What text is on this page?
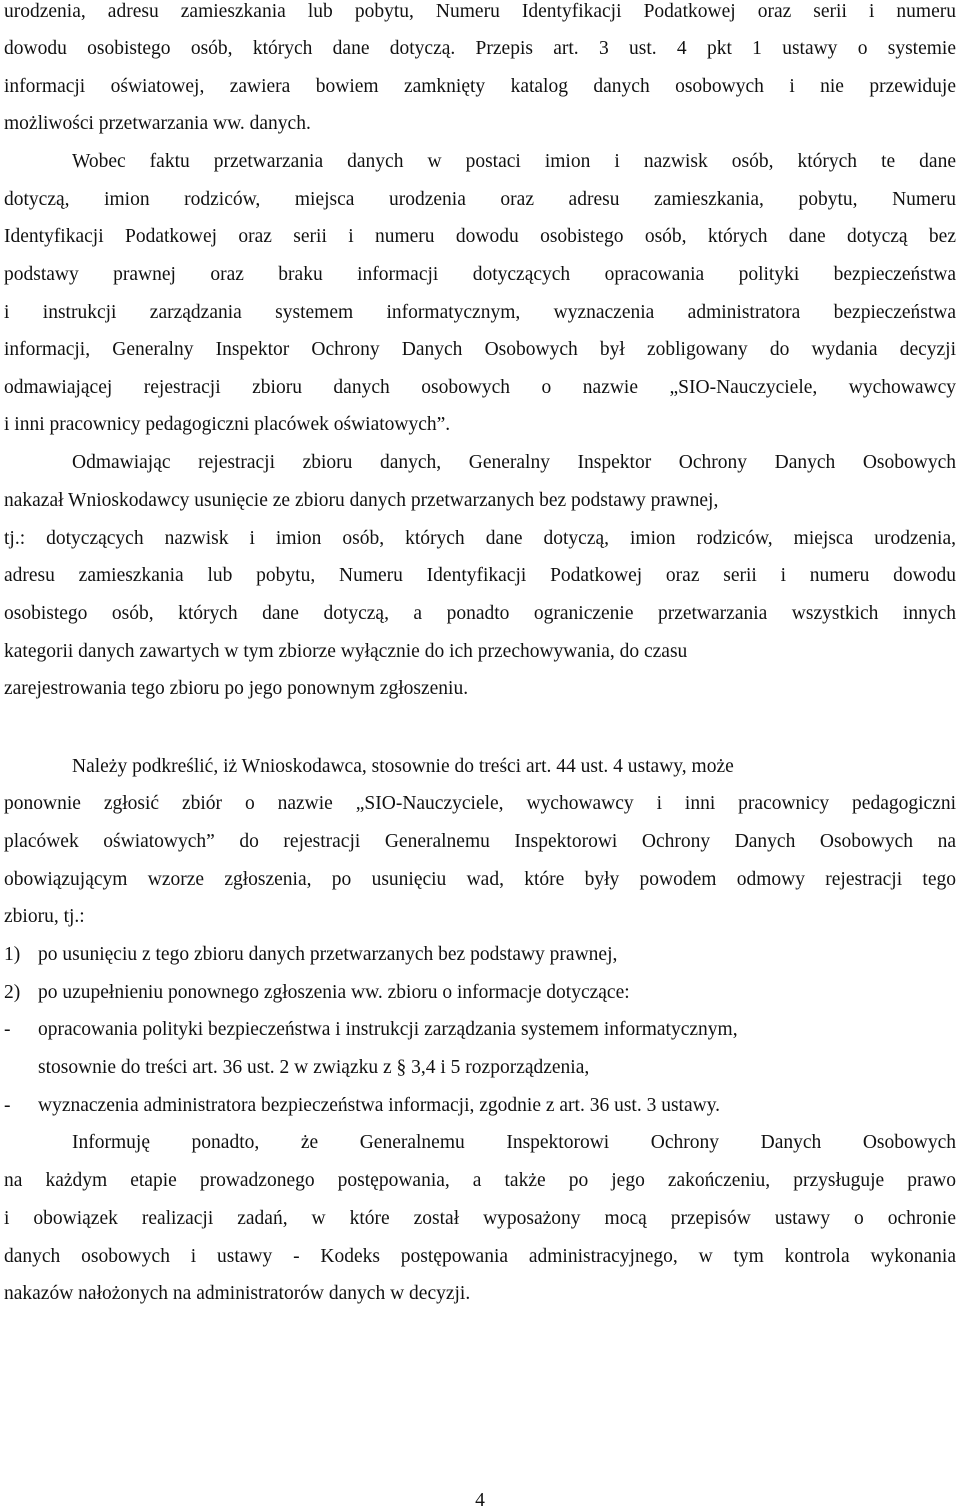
urodzenia, adresu zamieszkania lub pobytu, Numeru Identyfikacji Podatkowej oraz serii i numeru
dowodu osobistego osób, których dane dotyczą. Przepis art. 3 ust. 4 pkt 1 ustawy o systemie
informacji oświatowej, zawiera bowiem zamknięty katalog danych osobowych i nie przewiduje
możliwości przetwarzania ww. danych.
Wobec faktu przetwarzania danych w postaci imion i nazwisk osób, których te dane
dotyczą, imion rodziców, miejsca urodzenia oraz adresu zamieszkania, pobytu, Numeru
Identyfikacji Podatkowej oraz serii i numeru dowodu osobistego osób, których dane dotyczą bez
podstawy prawnej oraz braku informacji dotyczących opracowania polityki bezpieczeństwa
i instrukcji zarządzania systemem informatycznym, wyznaczenia administratora bezpieczeństwa
informacji, Generalny Inspektor Ochrony Danych Osobowych był zobligowany do wydania decyzji
odmawiającej rejestracji zbioru danych osobowych o nazwie „SIO-Nauczyciele, wychowawcy
i inni pracownicy pedagogiczni placówek oświatowych”.
Odmawiając rejestracji zbioru danych, Generalny Inspektor Ochrony Danych Osobowych
nakazał Wnioskodawcy usunięcie ze zbioru danych przetwarzanych bez podstawy prawnej,
tj.: dotyczących nazwisk i imion osób, których dane dotyczą, imion rodziców, miejsca urodzenia,
adresu zamieszkania lub pobytu, Numeru Identyfikacji Podatkowej oraz serii i numeru dowodu
osobistego osób, których dane dotyczą, a ponadto ograniczenie przetwarzania wszystkich innych
kategorii danych zawartych w tym zbiorze wyłącznie do ich przechowywania, do czasu
zarejestrowania tego zbioru po jego ponownym zgłoszeniu.
Należy podkreślić, iż Wnioskodawca, stosownie do treści art. 44 ust. 4 ustawy, może
ponownie zgłosić zbiór o nazwie „SIO-Nauczyciele, wychowawcy i inni pracownicy pedagogiczni
placówek oświatowych” do rejestracji Generalnemu Inspektorowi Ochrony Danych Osobowych na
obowiązującym wzorze zgłoszenia, po usunięciu wad, które były powodem odmowy rejestracji tego
zbioru, tj.:
1) po usunięciu z tego zbioru danych przetwarzanych bez podstawy prawnej,
2) po uzupełnieniu ponownego zgłoszenia ww. zbioru o informacje dotyczące:
-	opracowania polityki bezpieczeństwa i instrukcji zarządzania systemem informatycznym,
stosownie do treści art. 36 ust. 2 w związku z § 3,4 i 5 rozporządzenia,
-	wyznaczenia administratora bezpieczeństwa informacji, zgodnie z art. 36 ust. 3 ustawy.
Informuję ponadto, że Generalnemu Inspektorowi Ochrony Danych Osobowych
na każdym etapie prowadzonego postępowania, a także po jego zakończeniu, przysługuje prawo
i obowiązek realizacji zadań, w które został wyposażony mocą przepisów ustawy o ochronie
danych osobowych i ustawy - Kodeks postępowania administracyjnego, w tym kontrola wykonania
nakazów nałożonych na administratorów danych w decyzji.
4
